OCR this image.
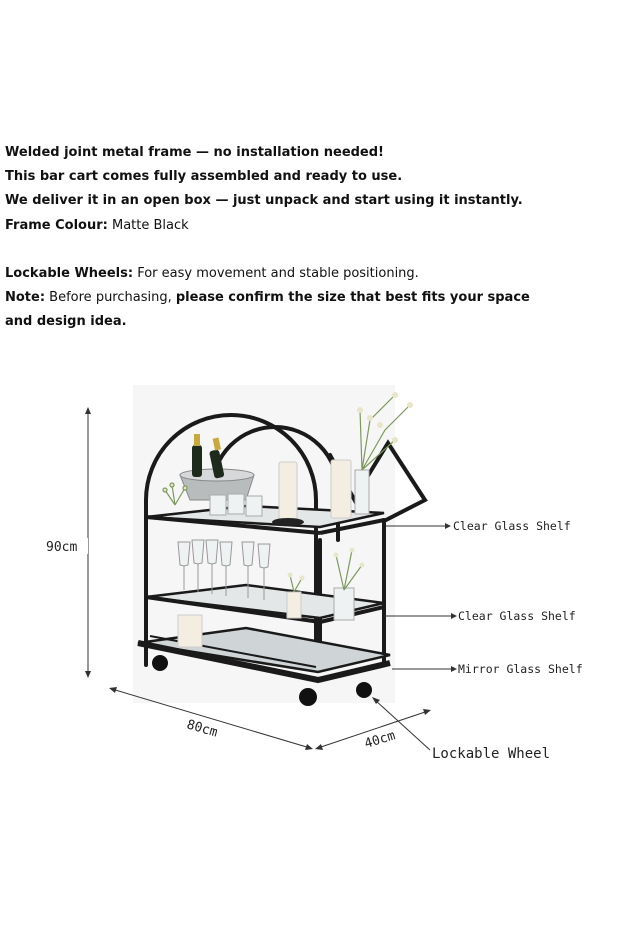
Welded joint metal frame — no installation needed!
This bar cart comes fully assembled and ready to use.
We deliver it in an open box — just unpack and start using it instantly.
Frame Colour: Matte Black
Lockable Wheels: For easy movement and stable positioning.
Note: Before purchasing, please confirm the size that best fits your space and design idea.
90cm
80cm	40cm
Clear Glass Shelf
Clear Glass Shelf
Mirror Glass Shelf
Lockable Wheel
